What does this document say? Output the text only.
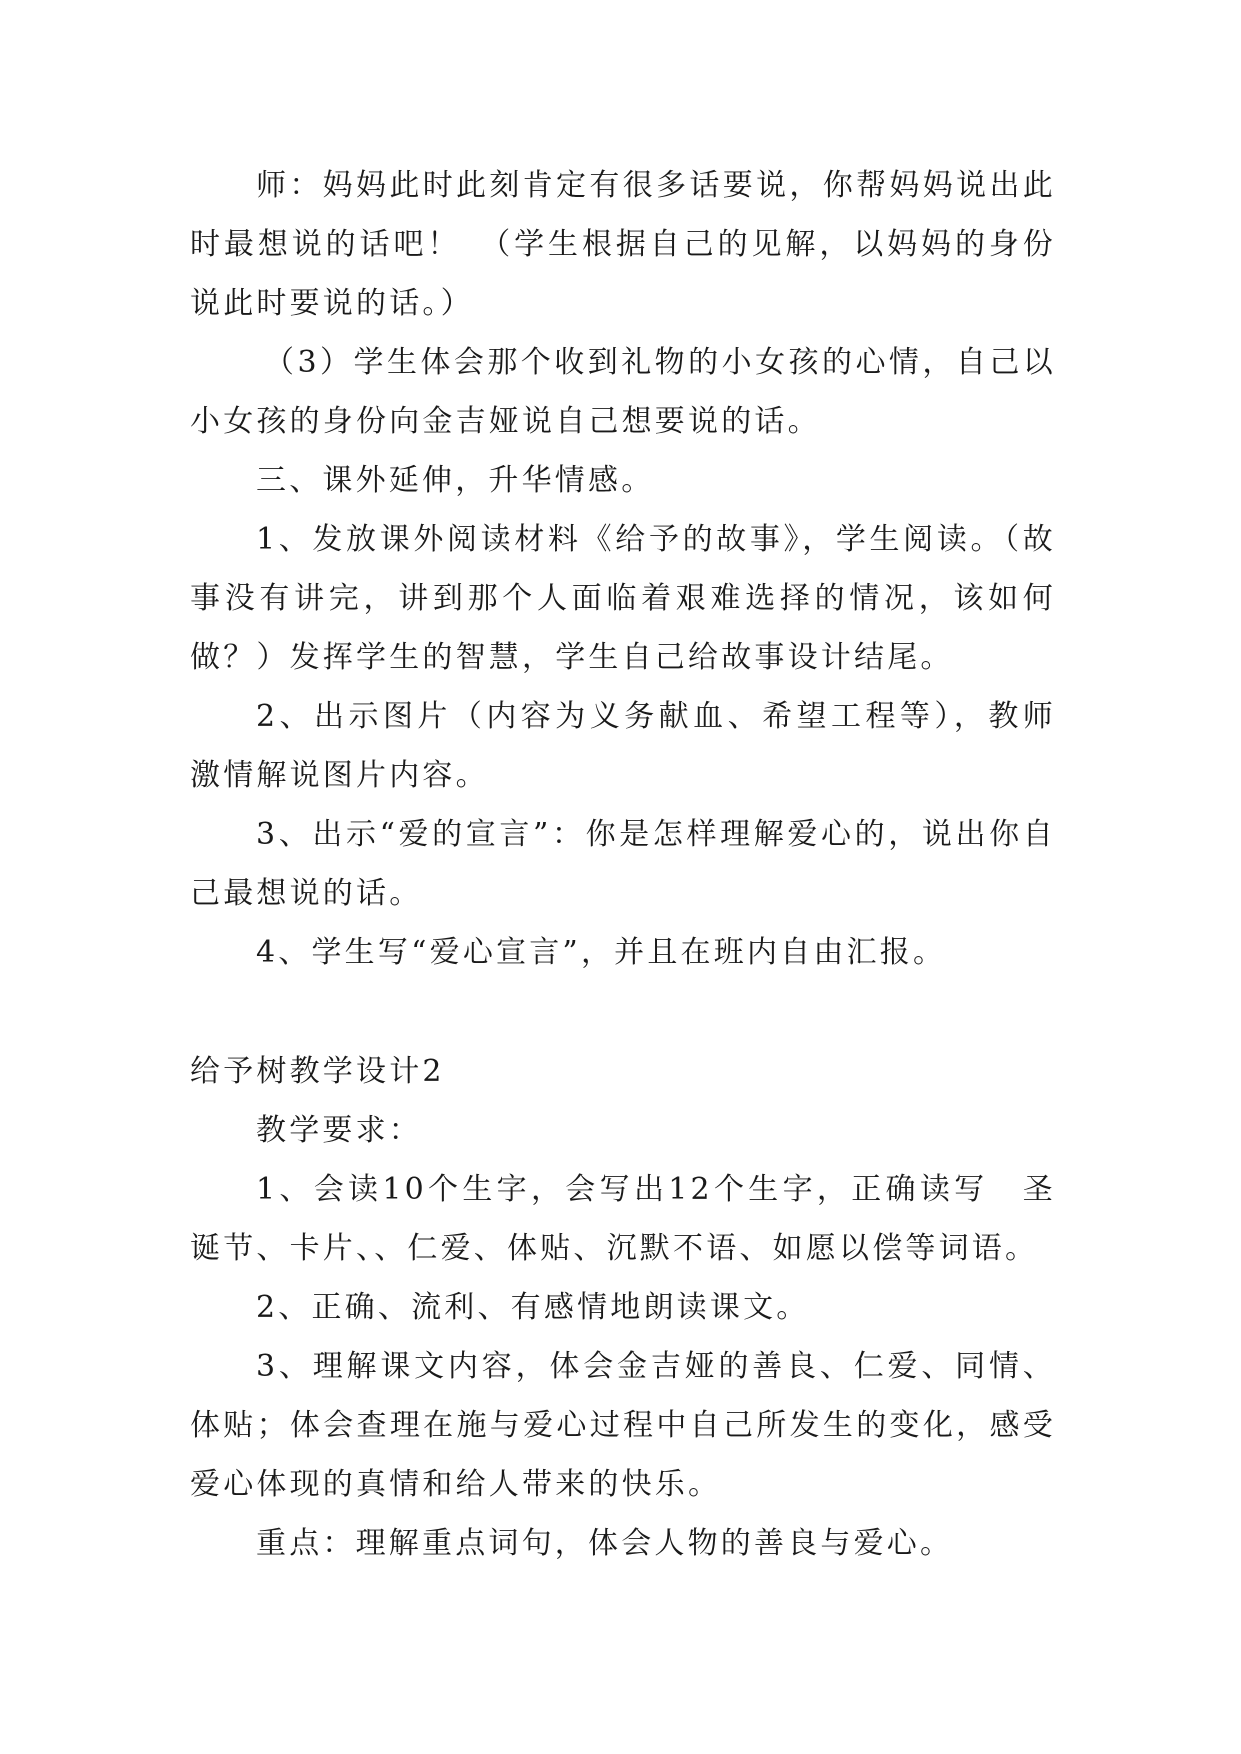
师：妈妈此时此刻肯定有很多话要说，你帮妈妈说出此时最想说的话吧！　（学生根据自己的见解，以妈妈的身份说此时要说的话。）

（3）学生体会那个收到礼物的小女孩的心情，自己以小女孩的身份向金吉娅说自己想要说的话。

三、课外延伸，升华情感。

1、发放课外阅读材料《给予的故事》，学生阅读。（故事没有讲完，讲到那个人面临着艰难选择的情况，该如何做？）发挥学生的智慧，学生自己给故事设计结尾。

2、出示图片（内容为义务献血、希望工程等），教师激情解说图片内容。

3、出示“爱的宣言”：你是怎样理解爱心的，说出你自己最想说的话。

4、学生写“爱心宣言”，并且在班内自由汇报。

给予树教学设计2

教学要求：

1、会读10个生字，会写出12个生字，正确读写　圣诞节、卡片、、仁爱、体贴、沉默不语、如愿以偿等词语。

2、正确、流利、有感情地朗读课文。

3、理解课文内容，体会金吉娅的善良、仁爱、同情、体贴；体会查理在施与爱心过程中自己所发生的变化，感受爱心体现的真情和给人带来的快乐。

重点：理解重点词句，体会人物的善良与爱心。
